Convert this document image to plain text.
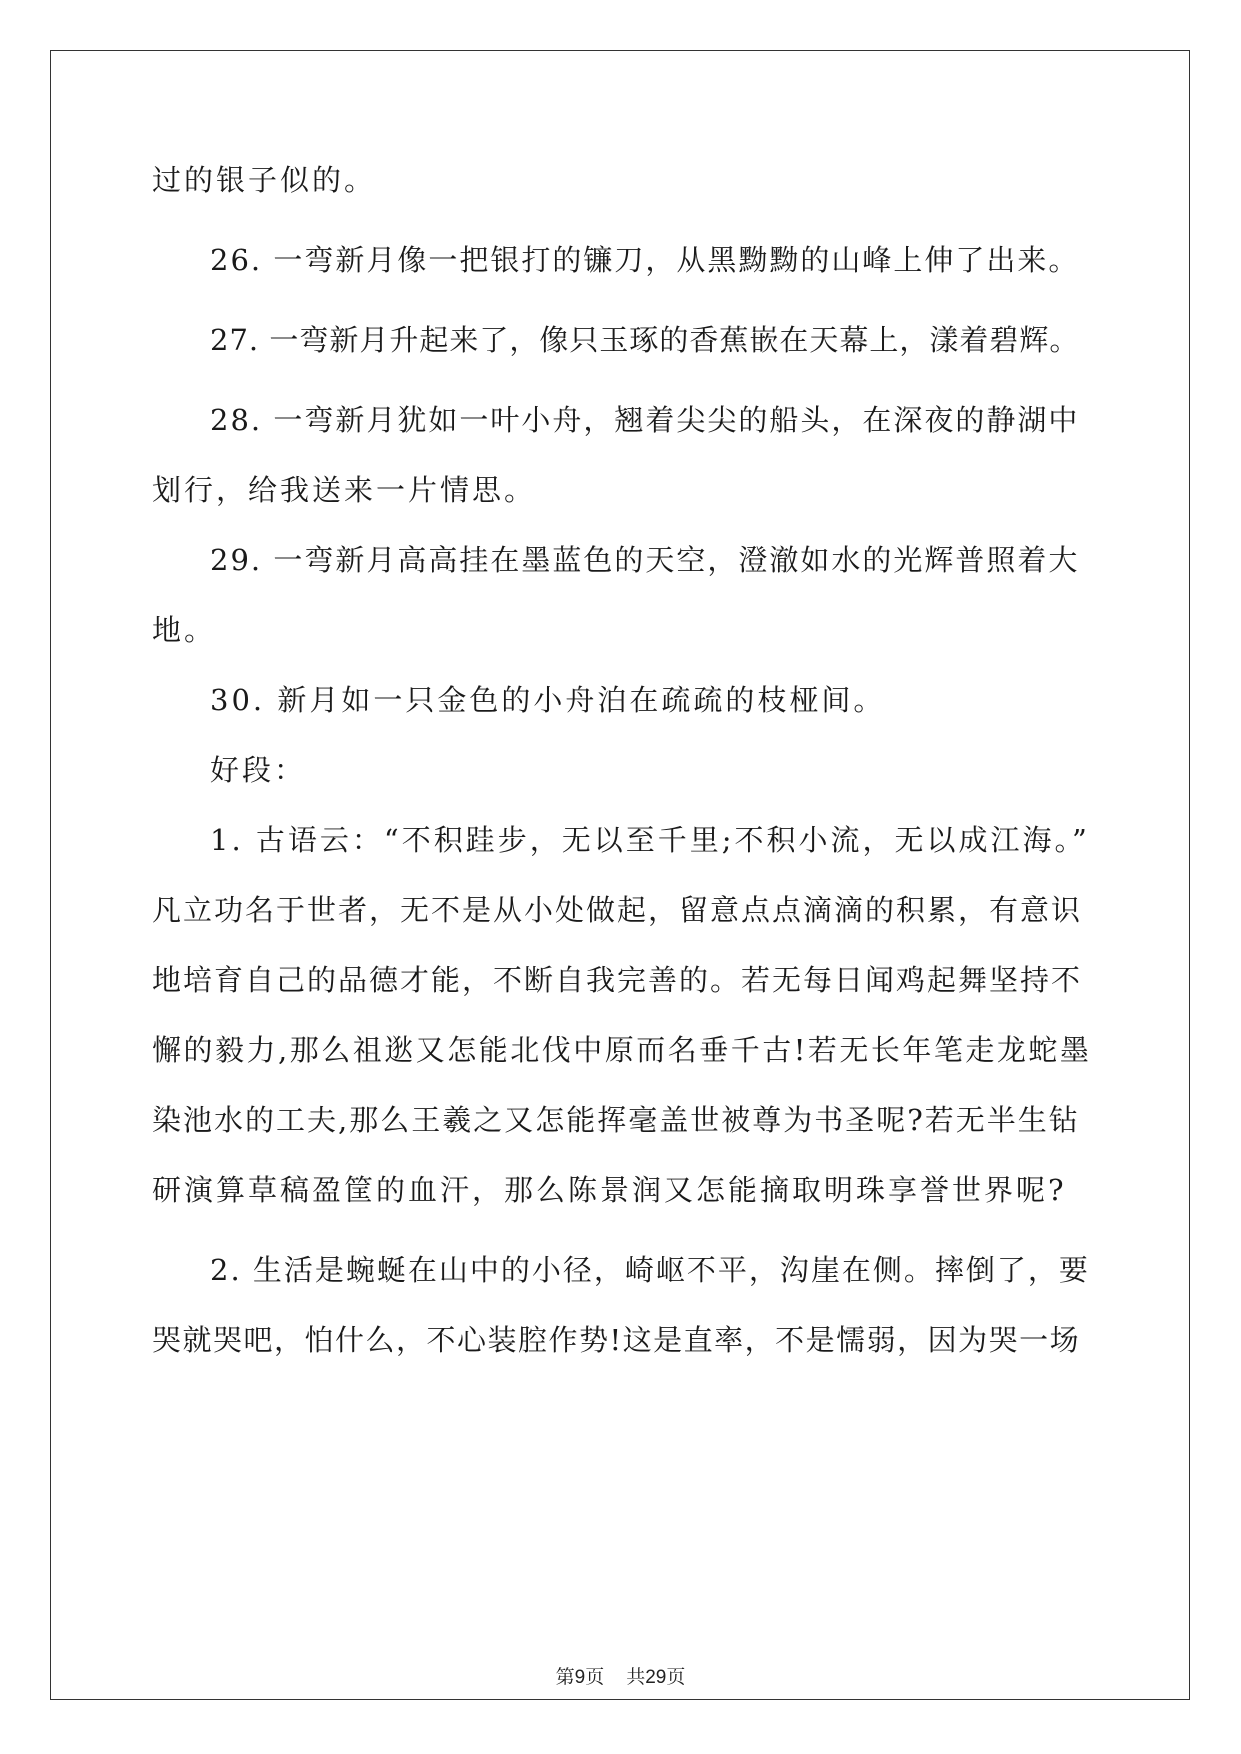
过的银子似的。

26. 一弯新月像一把银打的镰刀，从黑黝黝的山峰上伸了出来。

27. 一弯新月升起来了，像只玉琢的香蕉嵌在天幕上，漾着碧辉。

28. 一弯新月犹如一叶小舟，翘着尖尖的船头，在深夜的静湖中

划行，给我送来一片情思。

29. 一弯新月高高挂在墨蓝色的天空，澄澈如水的光辉普照着大

地。

30. 新月如一只金色的小舟泊在疏疏的枝桠间。

好段：

1. 古语云：“不积跬步，无以至千里;不积小流，无以成江海。”

凡立功名于世者，无不是从小处做起，留意点点滴滴的积累，有意识

地培育自己的品德才能，不断自我完善的。若无每日闻鸡起舞坚持不

懈的毅力,那么祖逖又怎能北伐中原而名垂千古!若无长年笔走龙蛇墨

染池水的工夫,那么王羲之又怎能挥毫盖世被尊为书圣呢?若无半生钻

研演算草稿盈筐的血汗，那么陈景润又怎能摘取明珠享誉世界呢?

2. 生活是蜿蜒在山中的小径，崎岖不平，沟崖在侧。摔倒了，要

哭就哭吧，怕什么，不心装腔作势!这是直率，不是懦弱，因为哭一场

第9页 共29页
